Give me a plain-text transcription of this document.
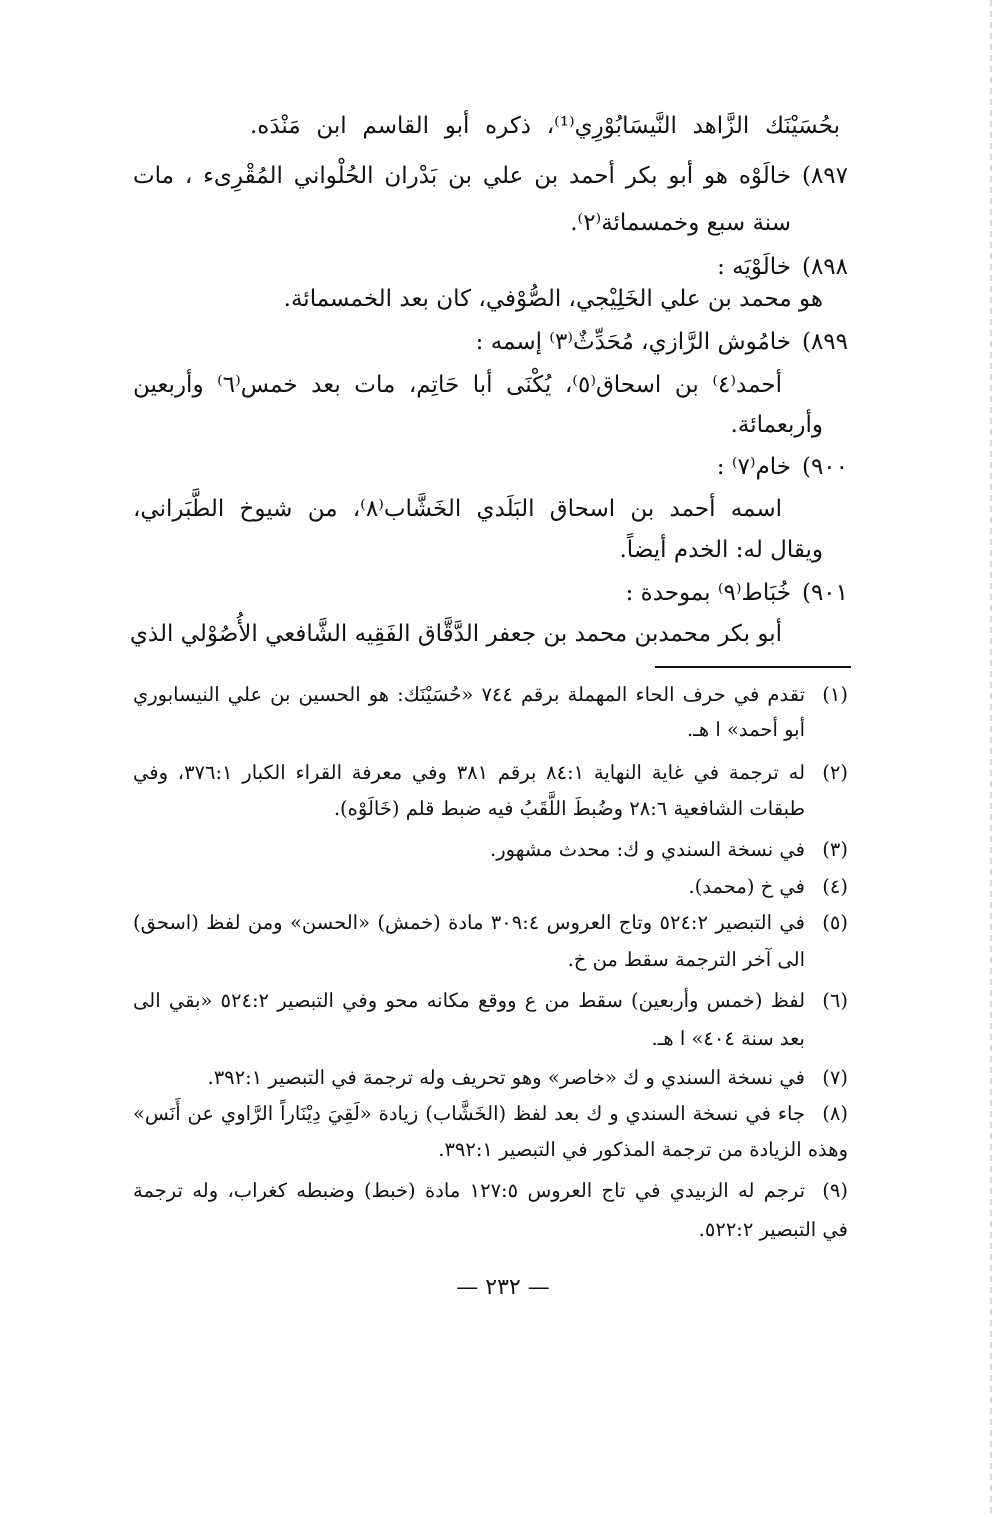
بحُسَيْنَك الزَّاهد النَّيسَابُوْرِي⁽¹⁾، ذكره أبو القاسم ابن مَنْدَه.

٨٩٧)

خالَوْه هو أبو بكر أحمد بن علي بن بَدْران الحُلْواني المُقْرِىء ، مات

سنة سبع وخمسمائة⁽٢⁾.

٨٩٨)

خالَوْيَه :

هو محمد بن علي الخَلِيْجي، الصُّوْفي، كان بعد الخمسمائة.

٨٩٩)

خامُوش الرَّازي، مُحَدِّثٌ⁽٣⁾ إسمه :

أحمد⁽٤⁾ بن اسحاق⁽٥⁾، يُكْنَى أبا حَاتِم، مات بعد خمس⁽٦⁾ وأربعين

وأربعمائة.

٩٠٠)

خام⁽٧⁾ :

اسمه أحمد بن اسحاق البَلَدي الخَشَّاب⁽٨⁾، من شيوخ الطَّبَراني،

ويقال له: الخدم أيضاً.

٩٠١)

خُبَاط⁽٩⁾ بموحدة :

أبو بكر محمدبن محمد بن جعفر الدَّقَّاق الفَقِيه الشَّافعي الأُصُوْلي الذي

(١)

تقدم في حرف الحاء المهملة برقم ٧٤٤ «حُسَيْنَك: هو الحسين بن علي النيسابوري

أبو أحمد» ا هـ.

(٢)

له ترجمة في غاية النهاية ٨٤:١ برقم ٣٨١ وفي معرفة القراء الكبار ٣٧٦:١، وفي

طبقات الشافعية ٢٨:٦ وضُبطَ اللَّقَبُ فيه ضبط قلم (خَالَوْه).

(٣)

في نسخة السندي و ك: محدث مشهور.

(٤)

في خ (محمد).

(٥)

في التبصير ٥٢٤:٢ وتاج العروس ٣٠٩:٤ مادة (خمش) «الحسن» ومن لفظ (اسحق)

الى آخر الترجمة سقط من خ.

(٦)

لفظ (خمس وأربعين) سقط من ع ووقع مكانه محو وفي التبصير ٥٢٤:٢ «بقي الى

بعد سنة ٤٠٤» ا هـ.

(٧)

في نسخة السندي و ك «خاصر» وهو تحريف وله ترجمة في التبصير ٣٩٢:١.

(٨)

جاء في نسخة السندي و ك بعد لفظ (الخَشَّاب) زيادة «لَقِيَ دِيْنَاراً الرَّاوي عن أَنَس»

وهذه الزيادة من ترجمة المذكور في التبصير ٣٩٢:١.

(٩)

ترجم له الزبيدي في تاج العروس ١٢٧:٥ مادة (خبط) وضبطه كغراب، وله ترجمة

في التبصير ٥٢٢:٢.

— ٢٣٢ —
